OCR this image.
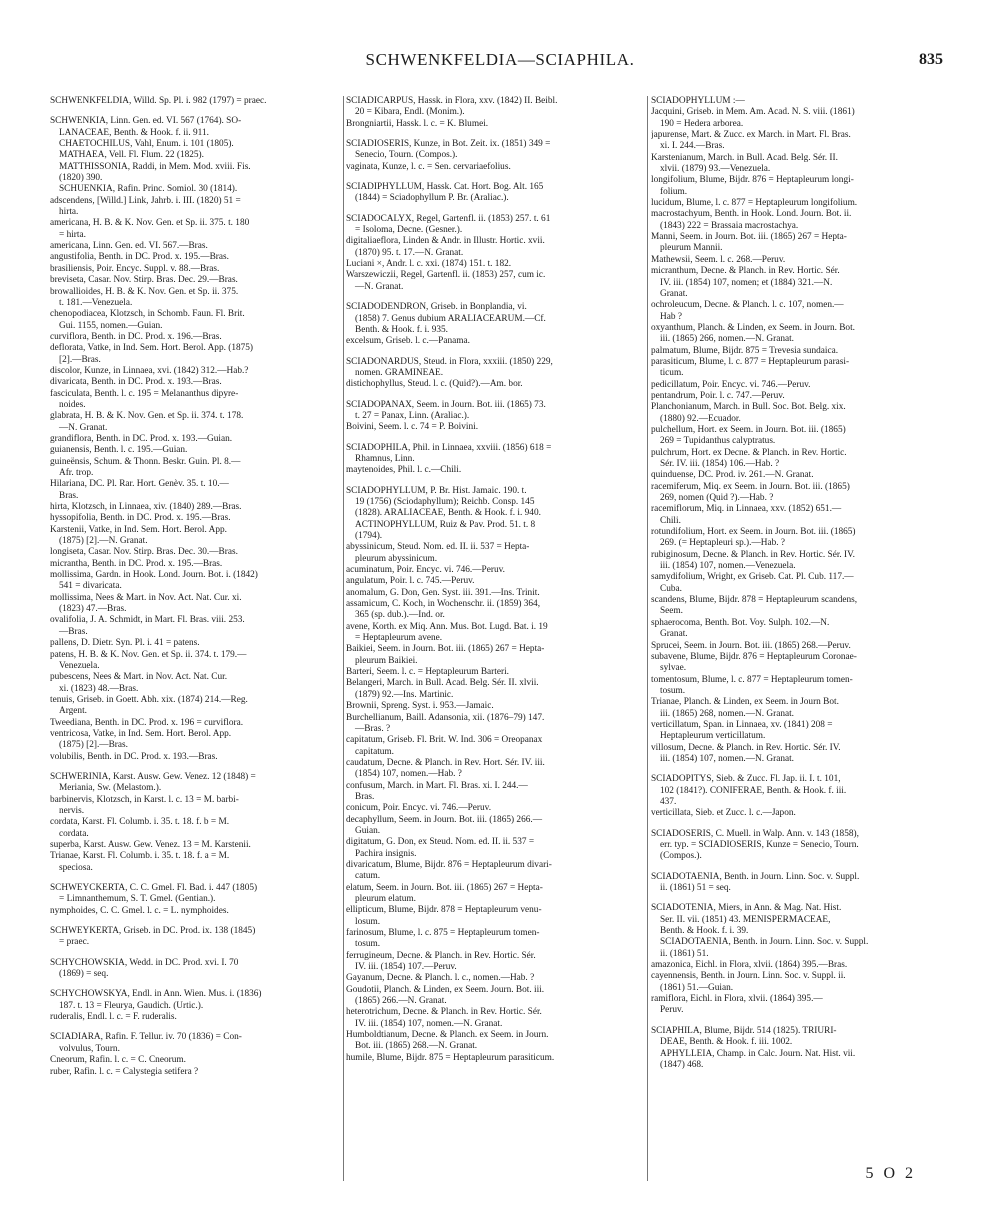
SCHWENKFELDIA—SCIAPHILA.	835
SCHWENKFELDIA, Willd. Sp. Pl. i. 982 (1797) = praec.
SCHWENKIA, Linn. Gen. ed. VI. 567 (1764). SO-
LANACEAE, Benth. & Hook. f. ii. 911.
CHAETOCHILUS, Vahl, Enum. i. 101 (1805).
MATHAEA, Vell. Fl. Flum. 22 (1825).
MATTHISSONIA, Raddi, in Mem. Mod. xviii. Fis.
(1820) 390.
SCHUENKIA, Rafin. Princ. Somiol. 30 (1814).
adscendens, [Willd.] Link, Jahrb. i. III. (1820) 51 =
hirta.
americana, H. B. & K. Nov. Gen. et Sp. ii. 375. t. 180
= hirta.
americana, Linn. Gen. ed. VI. 567.—Bras.
angustifolia, Benth. in DC. Prod. x. 195.—Bras.
brasiliensis, Poir. Encyc. Suppl. v. 88.—Bras.
breviseta, Casar. Nov. Stirp. Bras. Dec. 29.—Bras.
browallioides, H. B. & K. Nov. Gen. et Sp. ii. 375.
t. 181.—Venezuela.
chenopodiacea, Klotzsch, in Schomb. Faun. Fl. Brit.
Gui. 1155, nomen.—Guian.
curviflora, Benth. in DC. Prod. x. 196.—Bras.
deflorata, Vatke, in Ind. Sem. Hort. Berol. App. (1875)
[2].—Bras.
discolor, Kunze, in Linnaea, xvi. (1842) 312.—Hab.?
divaricata, Benth. in DC. Prod. x. 193.—Bras.
fasciculata, Benth. l. c. 195 = Melananthus dipyre-
noides.
glabrata, H. B. & K. Nov. Gen. et Sp. ii. 374. t. 178.
—N. Granat.
grandiflora, Benth. in DC. Prod. x. 193.—Guian.
guianensis, Benth. l. c. 195.—Guian.
guineënsis, Schum. & Thonn. Beskr. Guin. Pl. 8.—
Afr. trop.
Hilariana, DC. Pl. Rar. Hort. Genèv. 35. t. 10.—
Bras.
hirta, Klotzsch, in Linnaea, xiv. (1840) 289.—Bras.
hyssopifolia, Benth. in DC. Prod. x. 195.—Bras.
Karstenii, Vatke, in Ind. Sem. Hort. Berol. App.
(1875) [2].—N. Granat.
longiseta, Casar. Nov. Stirp. Bras. Dec. 30.—Bras.
micrantha, Benth. in DC. Prod. x. 195.—Bras.
mollissima, Gardn. in Hook. Lond. Journ. Bot. i. (1842)
541 = divaricata.
mollissima, Nees & Mart. in Nov. Act. Nat. Cur. xi.
(1823) 47.—Bras.
ovalifolia, J. A. Schmidt, in Mart. Fl. Bras. viii. 253.
—Bras.
pallens, D. Dietr. Syn. Pl. i. 41 = patens.
patens, H. B. & K. Nov. Gen. et Sp. ii. 374. t. 179.—
Venezuela.
pubescens, Nees & Mart. in Nov. Act. Nat. Cur.
xi. (1823) 48.—Bras.
tenuis, Griseb. in Goett. Abh. xix. (1874) 214.—Reg.
Argent.
Tweediana, Benth. in DC. Prod. x. 196 = curviflora.
ventricosa, Vatke, in Ind. Sem. Hort. Berol. App.
(1875) [2].—Bras.
volubilis, Benth. in DC. Prod. x. 193.—Bras.
SCHWERINIA, Karst. Ausw. Gew. Venez. 12 (1848) =
Meriania, Sw. (Melastom.).
barbinervis, Klotzsch, in Karst. l. c. 13 = M. barbi-
nervis.
cordata, Karst. Fl. Columb. i. 35. t. 18. f. b = M.
cordata.
superba, Karst. Ausw. Gew. Venez. 13 = M. Karstenii.
Trianae, Karst. Fl. Columb. i. 35. t. 18. f. a = M.
speciosa.
SCHWEYCKERTA, C. C. Gmel. Fl. Bad. i. 447 (1805)
= Limnanthemum, S. T. Gmel. (Gentian.).
nymphoides, C. C. Gmel. l. c. = L. nymphoides.
SCHWEYKERTA, Griseb. in DC. Prod. ix. 138 (1845)
= praec.
SCHYCHOWSKIA, Wedd. in DC. Prod. xvi. I. 70
(1869) = seq.
SCHYCHOWSKYA, Endl. in Ann. Wien. Mus. i. (1836)
187. t. 13 = Fleurya, Gaudich. (Urtic.).
ruderalis, Endl. l. c. = F. ruderalis.
SCIADIARA, Rafin. F. Tellur. iv. 70 (1836) = Con-
volvulus, Tourn.
Cneorum, Rafin. l. c. = C. Cneorum.
ruber, Rafin. l. c. = Calystegia setifera ?
SCIADICARPUS, Hassk. in Flora, xxv. (1842) II. Beibl.
20 = Kibara, Endl. (Monim.).
Brongniartii, Hassk. l. c. = K. Blumei.
SCIADIOSERIS, Kunze, in Bot. Zeit. ix. (1851) 349 =
Senecio, Tourn. (Compos.).
vaginata, Kunze, l. c. = Sen. cervariaefolius.
SCIADIPHYLLUM, Hassk. Cat. Hort. Bog. Alt. 165
(1844) = Sciadophyllum P. Br. (Araliac.).
SCIADOCALYX, Regel, Gartenfl. ii. (1853) 257. t. 61
= Isoloma, Decne. (Gesner.).
digitaliaeflora, Linden & Andr. in Illustr. Hortic. xvii.
(1870) 95. t. 17.—N. Granat.
Luciani ×, Andr. l. c. xxi. (1874) 151. t. 182.
Warszewiczii, Regel, Gartenfl. ii. (1853) 257, cum ic.
—N. Granat.
SCIADODENDRON, Griseb. in Bonplandia, vi.
(1858) 7. Genus dubium ARALIACEARUM.—Cf.
Benth. & Hook. f. i. 935.
excelsum, Griseb. l. c.—Panama.
SCIADONARDUS, Steud. in Flora, xxxiii. (1850) 229,
nomen. GRAMINEAE.
distichophyllus, Steud. l. c. (Quid?).—Am. bor.
SCIADOPANAX, Seem. in Journ. Bot. iii. (1865) 73.
t. 27 = Panax, Linn. (Araliac.).
Boivini, Seem. l. c. 74 = P. Boivini.
SCIADOPHILA, Phil. in Linnaea, xxviii. (1856) 618 =
Rhamnus, Linn.
maytenoides, Phil. l. c.—Chili.
SCIADOPHYLLUM, P. Br. Hist. Jamaic. 190. t.
19 (1756) (Sciodaphyllum); Reichb. Consp. 145
(1828). ARALIACEAE, Benth. & Hook. f. i. 940.
ACTINOPHYLLUM, Ruiz & Pav. Prod. 51. t. 8
(1794).
abyssinicum, Steud. Nom. ed. II. ii. 537 = Hepta-
pleurum abyssinicum.
acuminatum, Poir. Encyc. vi. 746.—Peruv.
angulatum, Poir. l. c. 745.—Peruv.
anomalum, G. Don, Gen. Syst. iii. 391.—Ins. Trinit.
assamicum, C. Koch, in Wochenschr. ii. (1859) 364,
365 (sp. dub.).—Ind. or.
avene, Korth. ex Miq. Ann. Mus. Bot. Lugd. Bat. i. 19
= Heptapleurum avene.
Baikiei, Seem. in Journ. Bot. iii. (1865) 267 = Hepta-
pleurum Baikiei.
Barteri, Seem. l. c. = Heptapleurum Barteri.
Belangeri, March. in Bull. Acad. Belg. Sér. II. xlvii.
(1879) 92.—Ins. Martinic.
Brownii, Spreng. Syst. i. 953.—Jamaic.
Burchellianum, Baill. Adansonia, xii. (1876–79) 147.
—Bras. ?
capitatum, Griseb. Fl. Brit. W. Ind. 306 = Oreopanax
capitatum.
caudatum, Decne. & Planch. in Rev. Hort. Sér. IV. iii.
(1854) 107, nomen.—Hab. ?
confusum, March. in Mart. Fl. Bras. xi. I. 244.—
Bras.
conicum, Poir. Encyc. vi. 746.—Peruv.
decaphyllum, Seem. in Journ. Bot. iii. (1865) 266.—
Guian.
digitatum, G. Don, ex Steud. Nom. ed. II. ii. 537 =
Pachira insignis.
divaricatum, Blume, Bijdr. 876 = Heptapleurum divari-
catum.
elatum, Seem. in Journ. Bot. iii. (1865) 267 = Hepta-
pleurum elatum.
ellipticum, Blume, Bijdr. 878 = Heptapleurum venu-
losum.
farinosum, Blume, l. c. 875 = Heptapleurum tomen-
tosum.
ferrugineum, Decne. & Planch. in Rev. Hortic. Sér.
IV. iii. (1854) 107.—Peruv.
Gayanum, Decne. & Planch. l. c., nomen.—Hab. ?
Goudotii, Planch. & Linden, ex Seem. Journ. Bot. iii.
(1865) 266.—N. Granat.
heterotrichum, Decne. & Planch. in Rev. Hortic. Sér.
IV. iii. (1854) 107, nomen.—N. Granat.
Humboldtianum, Decne. & Planch. ex Seem. in Journ.
Bot. iii. (1865) 268.—N. Granat.
humile, Blume, Bijdr. 875 = Heptapleurum parasiticum.
SCIADOPHYLLUM :—
Jacquini, Griseb. in Mem. Am. Acad. N. S. viii. (1861)
190 = Hedera arborea.
japurense, Mart. & Zucc. ex March. in Mart. Fl. Bras.
xi. I. 244.—Bras.
Karstenianum, March. in Bull. Acad. Belg. Sér. II.
xlvii. (1879) 93.—Venezuela.
longifolium, Blume, Bijdr. 876 = Heptapleurum longi-
folium.
lucidum, Blume, l. c. 877 = Heptapleurum longifolium.
macrostachyum, Benth. in Hook. Lond. Journ. Bot. ii.
(1843) 222 = Brassaia macrostachya.
Manni, Seem. in Journ. Bot. iii. (1865) 267 = Hepta-
pleurum Mannii.
Mathewsii, Seem. l. c. 268.—Peruv.
micranthum, Decne. & Planch. in Rev. Hortic. Sér.
IV. iii. (1854) 107, nomen; et (1884) 321.—N.
Granat.
ochroleucum, Decne. & Planch. l. c. 107, nomen.—
Hab ?
oxyanthum, Planch. & Linden, ex Seem. in Journ. Bot.
iii. (1865) 266, nomen.—N. Granat.
palmatum, Blume, Bijdr. 875 = Trevesia sundaica.
parasiticum, Blume, l. c. 877 = Heptapleurum parasi-
ticum.
pedicillatum, Poir. Encyc. vi. 746.—Peruv.
pentandrum, Poir. l. c. 747.—Peruv.
Planchonianum, March. in Bull. Soc. Bot. Belg. xix.
(1880) 92.—Ecuador.
pulchellum, Hort. ex Seem. in Journ. Bot. iii. (1865)
269 = Tupidanthus calyptratus.
pulchrum, Hort. ex Decne. & Planch. in Rev. Hortic.
Sér. IV. iii. (1854) 106.—Hab. ?
quinduense, DC. Prod. iv. 261.—N. Granat.
racemiferum, Miq. ex Seem. in Journ. Bot. iii. (1865)
269, nomen (Quid ?).—Hab. ?
racemiflorum, Miq. in Linnaea, xxv. (1852) 651.—
Chili.
rotundifolium, Hort. ex Seem. in Journ. Bot. iii. (1865)
269. (= Heptapleuri sp.).—Hab. ?
rubiginosum, Decne. & Planch. in Rev. Hortic. Sér. IV.
iii. (1854) 107, nomen.—Venezuela.
samydifolium, Wright, ex Griseb. Cat. Pl. Cub. 117.—
Cuba.
scandens, Blume, Bijdr. 878 = Heptapleurum scandens,
Seem.
sphaerocoma, Benth. Bot. Voy. Sulph. 102.—N.
Granat.
Sprucei, Seem. in Journ. Bot. iii. (1865) 268.—Peruv.
subavene, Blume, Bijdr. 876 = Heptapleurum Coronae-
sylvae.
tomentosum, Blume, l. c. 877 = Heptapleurum tomen-
tosum.
Trianae, Planch. & Linden, ex Seem. in Journ Bot.
iii. (1865) 268, nomen.—N. Granat.
verticillatum, Span. in Linnaea, xv. (1841) 208 =
Heptapleurum verticillatum.
villosum, Decne. & Planch. in Rev. Hortic. Sér. IV.
iii. (1854) 107, nomen.—N. Granat.
SCIADOPITYS, Sieb. & Zucc. Fl. Jap. ii. I. t. 101,
102 (1841?). CONIFERAE, Benth. & Hook. f. iii.
437.
verticillata, Sieb. et Zucc. l. c.—Japon.
SCIADOSERIS, C. Muell. in Walp. Ann. v. 143 (1858),
err. typ. = SCIADIOSERIS, Kunze = Senecio, Tourn.
(Compos.).
SCIADOTAENIA, Benth. in Journ. Linn. Soc. v. Suppl.
ii. (1861) 51 = seq.
SCIADOTENIA, Miers, in Ann. & Mag. Nat. Hist.
Ser. II. vii. (1851) 43. MENISPERMACEAE,
Benth. & Hook. f. i. 39.
SCIADOTAENIA, Benth. in Journ. Linn. Soc. v. Suppl.
ii. (1861) 51.
amazonica, Eichl. in Flora, xlvii. (1864) 395.—Bras.
cayennensis, Benth. in Journ. Linn. Soc. v. Suppl. ii.
(1861) 51.—Guian.
ramiflora, Eichl. in Flora, xlvii. (1864) 395.—
Peruv.
SCIAPHILA, Blume, Bijdr. 514 (1825). TRIURI-
DEAE, Benth. & Hook. f. iii. 1002.
APHYLLEIA, Champ. in Calc. Journ. Nat. Hist. vii.
(1847) 468.
5 O 2
